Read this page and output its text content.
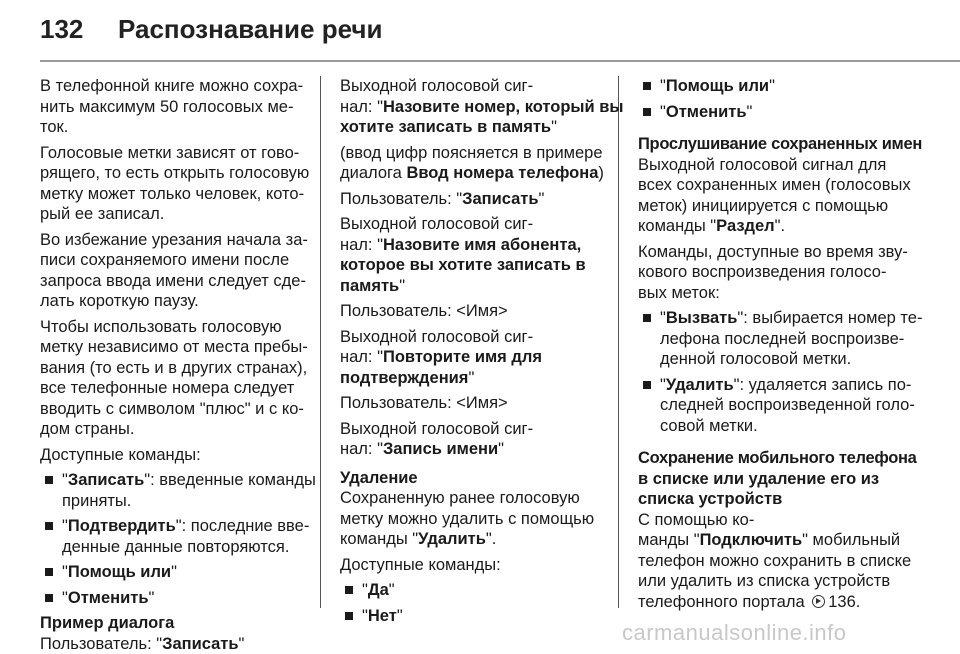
132 Распознавание речи
В телефонной книге можно сохра-
нить максимум 50 голосовых ме-
ток.
Голосовые метки зависят от гово-
рящего, то есть открыть голосовую
метку может только человек, кото-
рый ее записал.
Во избежание урезания начала за-
писи сохраняемого имени после
запроса ввода имени следует сде-
лать короткую паузу.
Чтобы использовать голосовую
метку независимо от места пребы-
вания (то есть и в других странах),
все телефонные номера следует
вводить с символом "плюс" и с ко-
дом страны.
Доступные команды:
"Записать": введенные команды
приняты.
"Подтвердить": последние вве-
денные данные повторяются.
"Помощь или"
"Отменить"
Пример диалога
Пользователь: "Записать"
Выходной голосовой сиг-
нал: "Назовите номер, который вы
хотите записать в память"
(ввод цифр поясняется в примере
диалога Ввод номера телефона)
Пользователь: "Записать"
Выходной голосовой сиг-
нал: "Назовите имя абонента,
которое вы хотите записать в
память"
Пользователь: <Имя>
Выходной голосовой сиг-
нал: "Повторите имя для
подтверждения"
Пользователь: <Имя>
Выходной голосовой сиг-
нал: "Запись имени"
Удаление
Сохраненную ранее голосовую
метку можно удалить с помощью
команды "Удалить".
Доступные команды:
"Да"
"Нет"
"Помощь или"
"Отменить"
Прослушивание сохраненных имен
Выходной голосовой сигнал для
всех сохраненных имен (голосовых
меток) инициируется с помощью
команды "Раздел".
Команды, доступные во время зву-
кового воспроизведения голосо-
вых меток:
"Вызвать": выбирается номер те-
лефона последней воспроизве-
денной голосовой метки.
"Удалить": удаляется запись по-
следней воспроизведенной голо-
совой метки.
Сохранение мобильного телефона
в списке или удаление его из
списка устройств
С помощью ко-
манды "Подключить" мобильный
телефон можно сохранить в списке
или удалить из списка устройств
телефонного портала 136.
carmanualsonline.info
